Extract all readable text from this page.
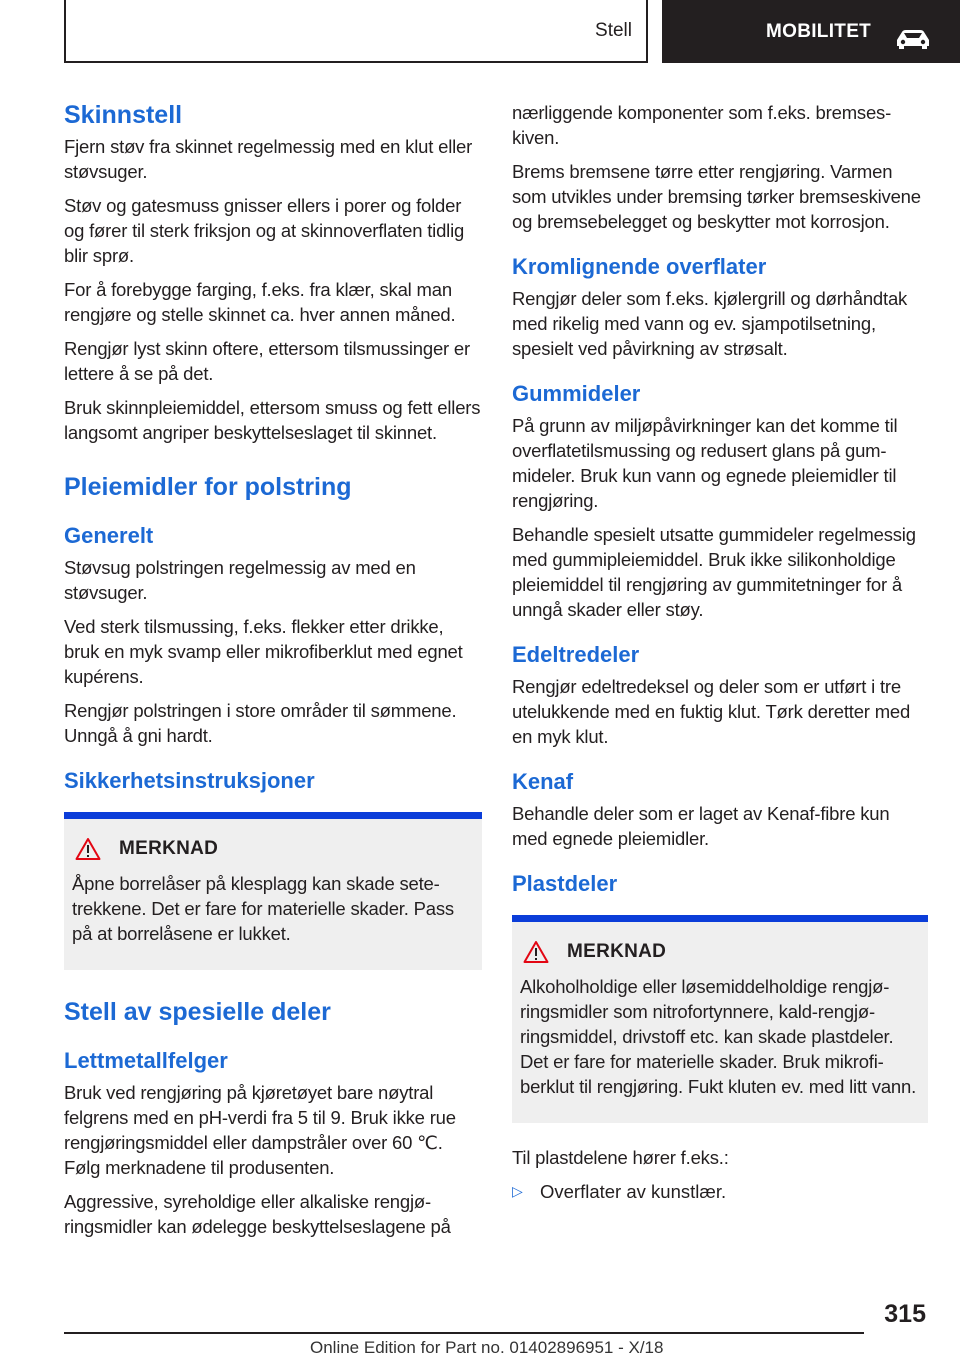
Stell	MOBILITET
Skinnstell

Fjern støv fra skinnet regelmessig med en klut eller støvsuger.

Støv og gatesmuss gnisser ellers i porer og folder og fører til sterk friksjon og at skinnoverflaten tidlig blir sprø.

For å forebygge farging, f.eks. fra klær, skal man rengjøre og stelle skinnet ca. hver annen måned.

Rengjør lyst skinn oftere, ettersom tilsmussinger er lettere å se på det.

Bruk skinnpleiemiddel, ettersom smuss og fett ellers langsomt angriper beskyttelseslaget til skinnet.

Pleiemidler for polstring
Generelt

Støvsug polstringen regelmessig av med en støvsuger.

Ved sterk tilsmussing, f.eks. flekker etter drikke, bruk en myk svamp eller mikrofiberklut med egnet kupérens.

Rengjør polstringen i store områder til sømmene. Unngå å gni hardt.

Sikkerhetsinstruksjoner
MERKNAD

Åpne borrelåser på klesplagg kan skade setetrekkene. Det er fare for materielle skader. Pass på at borrelåsene er lukket.

Stell av spesielle deler
Lettmetallfelger

Bruk ved rengjøring på kjøretøyet bare nøytral felgrens med en pH-verdi fra 5 til 9. Bruk ikke rue rengjøringsmiddel eller dampstråler over 60 ℃. Følg merknadene til produsenten.

Aggressive, syreholdige eller alkaliske rengjøringsmidler kan ødelegge beskyttelseslagene på

nærliggende komponenter som f.eks. bremseskiven.

Brems bremsene tørre etter rengjøring. Varmen som utvikles under bremsing tørker bremseskivene og bremsebelegget og beskytter mot korrosjon.

Kromlignende overflater

Rengjør deler som f.eks. kjølergrill og dørhåndtak med rikelig med vann og ev. sjampotilsetning, spesielt ved påvirkning av strøsalt.

Gummideler

På grunn av miljøpåvirkninger kan det komme til overflatetilsmussing og redusert glans på gummideler. Bruk kun vann og egnede pleiemidler til rengjøring.

Behandle spesielt utsatte gummideler regelmessig med gummipleiemiddel. Bruk ikke silikonholdige pleiemiddel til rengjøring av gummitetninger for å unngå skader eller støy.

Edeltredeler

Rengjør edeltredeksel og deler som er utført i tre utelukkende med en fuktig klut. Tørk deretter med en myk klut.

Kenaf

Behandle deler som er laget av Kenaf-fibre kun med egnede pleiemidler.

Plastdeler
MERKNAD

Alkoholholdige eller løsemiddelholdige rengjøringsmidler som nitrofortynnere, kald-rengjøringsmiddel, drivstoff etc. kan skade plastdeler. Det er fare for materielle skader. Bruk mikrofiberklut til rengjøring. Fukt kluten ev. med litt vann.

Til plastdelene hører f.eks.:

▷ Overflater av kunstlær.
315
Online Edition for Part no. 01402896951 - X/18
